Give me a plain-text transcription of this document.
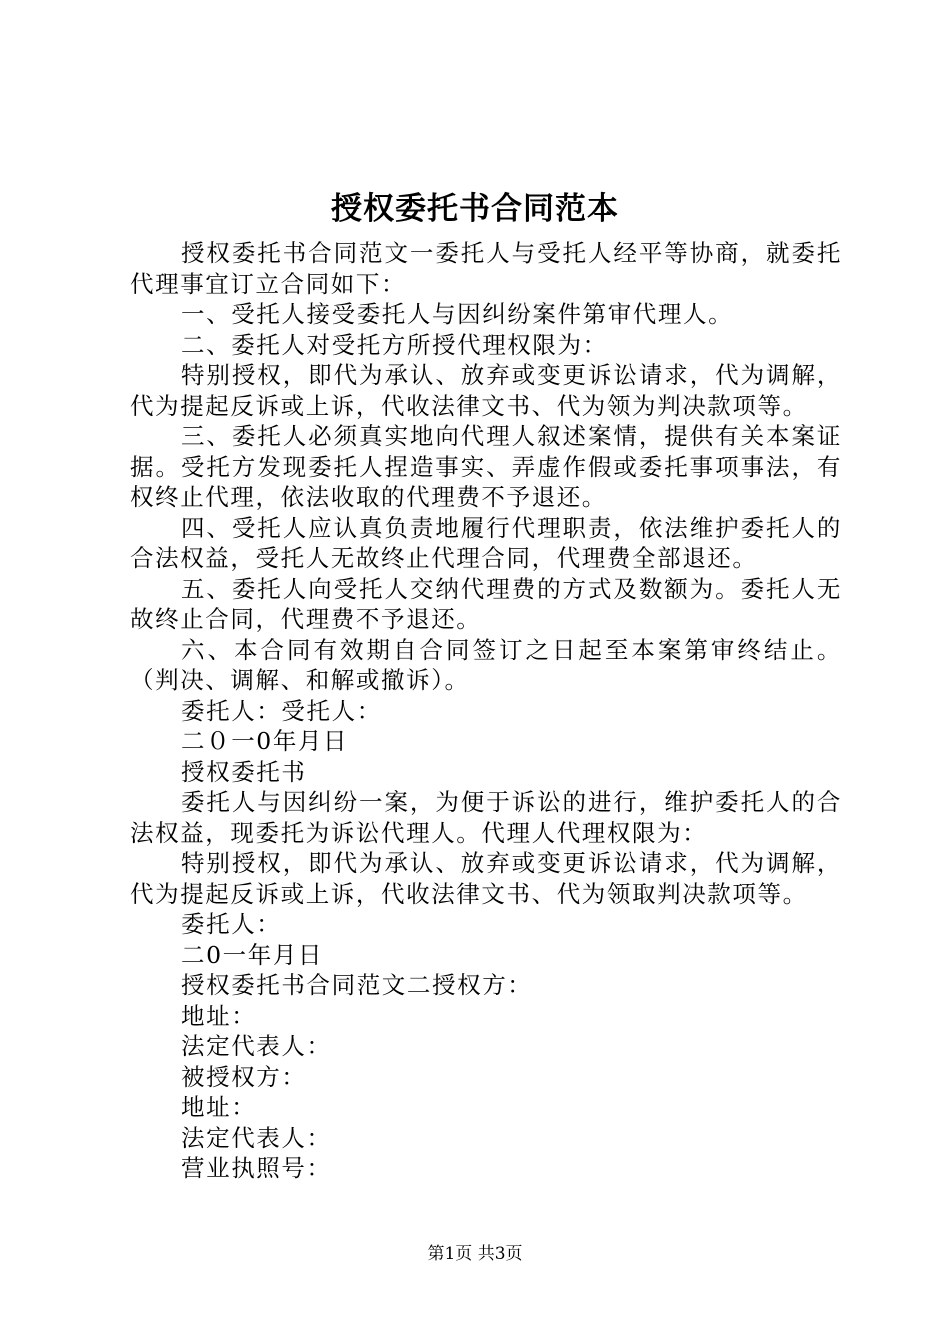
授权委托书合同范本

授权委托书合同范文一委托人与受托人经平等协商，就委托代理事宜订立合同如下：

一、受托人接受委托人与因纠纷案件第审代理人。

二、委托人对受托方所授代理权限为：

特别授权，即代为承认、放弃或变更诉讼请求，代为调解，代为提起反诉或上诉，代收法律文书、代为领为判决款项等。

三、委托人必须真实地向代理人叙述案情，提供有关本案证据。受托方发现委托人捏造事实、弄虚作假或委托事项事法，有权终止代理，依法收取的代理费不予退还。

四、受托人应认真负责地履行代理职责，依法维护委托人的合法权益，受托人无故终止代理合同，代理费全部退还。

五、委托人向受托人交纳代理费的方式及数额为。委托人无故终止合同，代理费不予退还。

六、本合同有效期自合同签订之日起至本案第审终结止。（判决、调解、和解或撤诉）。

委托人：受托人：

二０一0年月日

授权委托书

委托人与因纠纷一案，为便于诉讼的进行，维护委托人的合法权益，现委托为诉讼代理人。代理人代理权限为：

特别授权，即代为承认、放弃或变更诉讼请求，代为调解，代为提起反诉或上诉，代收法律文书、代为领取判决款项等。

委托人：

二0一年月日

授权委托书合同范文二授权方：

地址：

法定代表人：

被授权方：

地址：

法定代表人：

营业执照号：

第1页 共3页
